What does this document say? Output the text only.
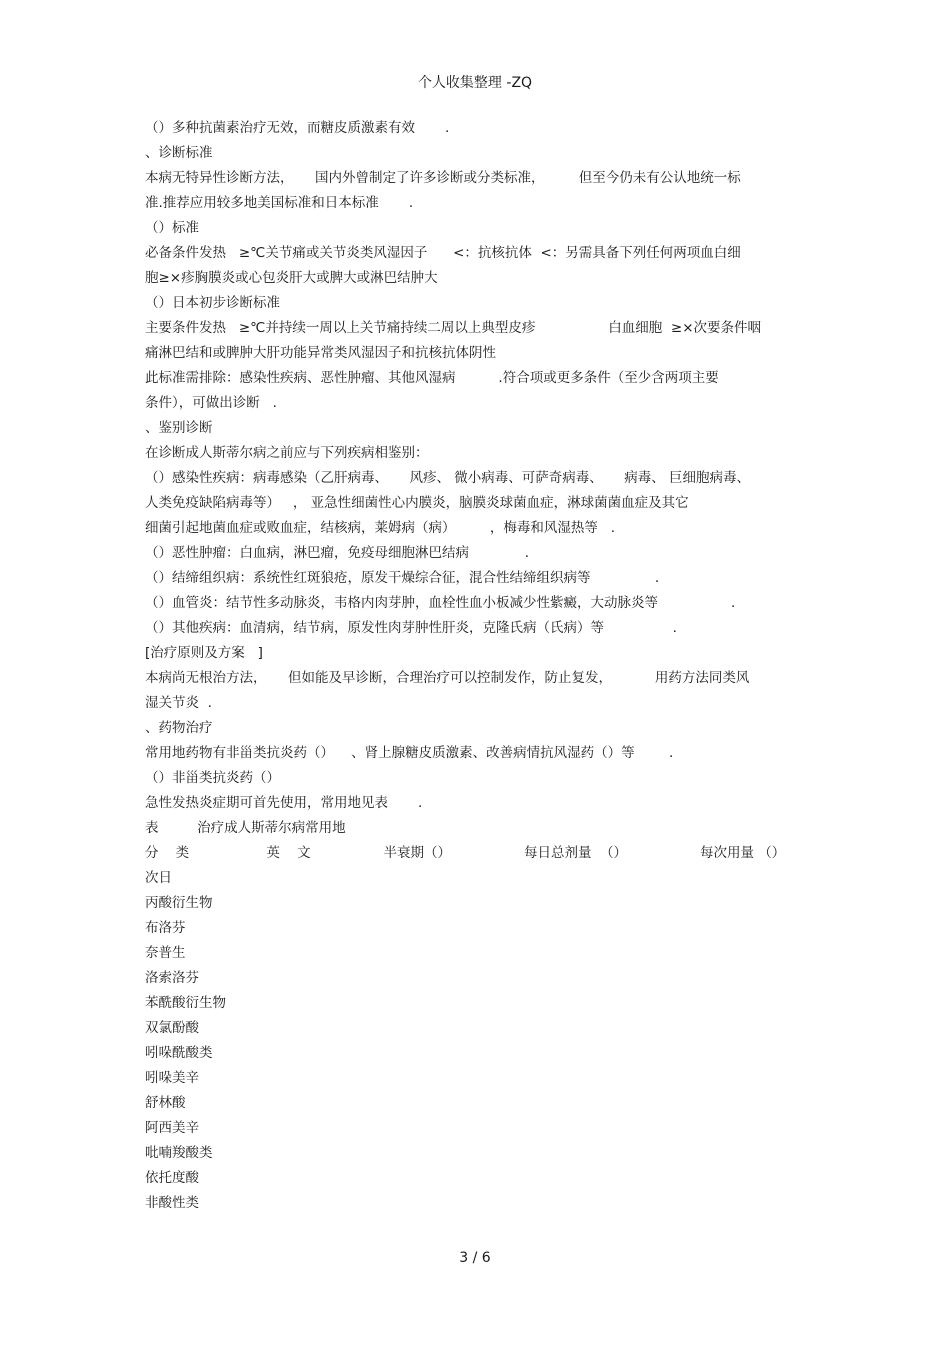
个人收集整理 -ZQ
（）多种抗菌素治疗无效，而糖皮质激素有效       .
、诊断标准
本病无特异性诊断方法，     国内外曾制定了许多诊断或分类标准，        但至今仍未有公认地统一标
准.推荐应用较多地美国标准和日本标准       .
（）标准
必备条件发热   ≥℃关节痛或关节炎类风湿因子      <：抗核抗体  <：另需具备下列任何两项血白细
胞≥×疹胸膜炎或心包炎肝大或脾大或淋巴结肿大
（）日本初步诊断标准
主要条件发热   ≥℃并持续一周以上关节痛持续二周以上典型皮疹                 白血细胞  ≥×次要条件咽
痛淋巴结和或脾肿大肝功能异常类风湿因子和抗核抗体阴性
此标准需排除：感染性疾病、恶性肿瘤、其他风湿病          .符合项或更多条件（至少含两项主要
条件），可做出诊断   .
、鉴别诊断
在诊断成人斯蒂尔病之前应与下列疾病相鉴别：
（）感染性疾病：病毒感染（乙肝病毒、     风疹、 微小病毒、可萨奇病毒、     病毒、 巨细胞病毒、
人类免疫缺陷病毒等）   ， 亚急性细菌性心内膜炎，脑膜炎球菌血症，淋球菌菌血症及其它
细菌引起地菌血症或败血症，结核病，莱姆病（病）        ，梅毒和风湿热等   .
（）恶性肿瘤：白血病，淋巴瘤，免疫母细胞淋巴结病             .
（）结缔组织病：系统性红斑狼疮，原发干燥综合征，混合性结缔组织病等               .
（）血管炎：结节性多动脉炎，韦格内肉芽肿，血栓性血小板减少性紫癜，大动脉炎等                 .
（）其他疾病：血清病，结节病，原发性肉芽肿性肝炎，克隆氏病（氏病）等                .
[治疗原则及方案   ]
本病尚无根治方法，     但如能及早诊断，合理治疗可以控制发作，防止复发，          用药方法同类风
湿关节炎  .
、药物治疗
常用地药物有非甾类抗炎药（）    、肾上腺糖皮质激素、改善病情抗风湿药（）等        .
（）非甾类抗炎药（）
急性发热炎症期可首先使用，常用地见表       .
表         治疗成人斯蒂尔病常用地
分    类                  英    文                 半衰期（）                 每日总剂量  （）                 每次用量 （）
次日
丙酸衍生物
布洛芬
奈普生
洛索洛芬
苯酰酸衍生物
双氯酚酸
吲哚酰酸类
吲哚美辛
舒林酸
阿西美辛
吡喃羧酸类
依托度酸
非酸性类
3 / 6
